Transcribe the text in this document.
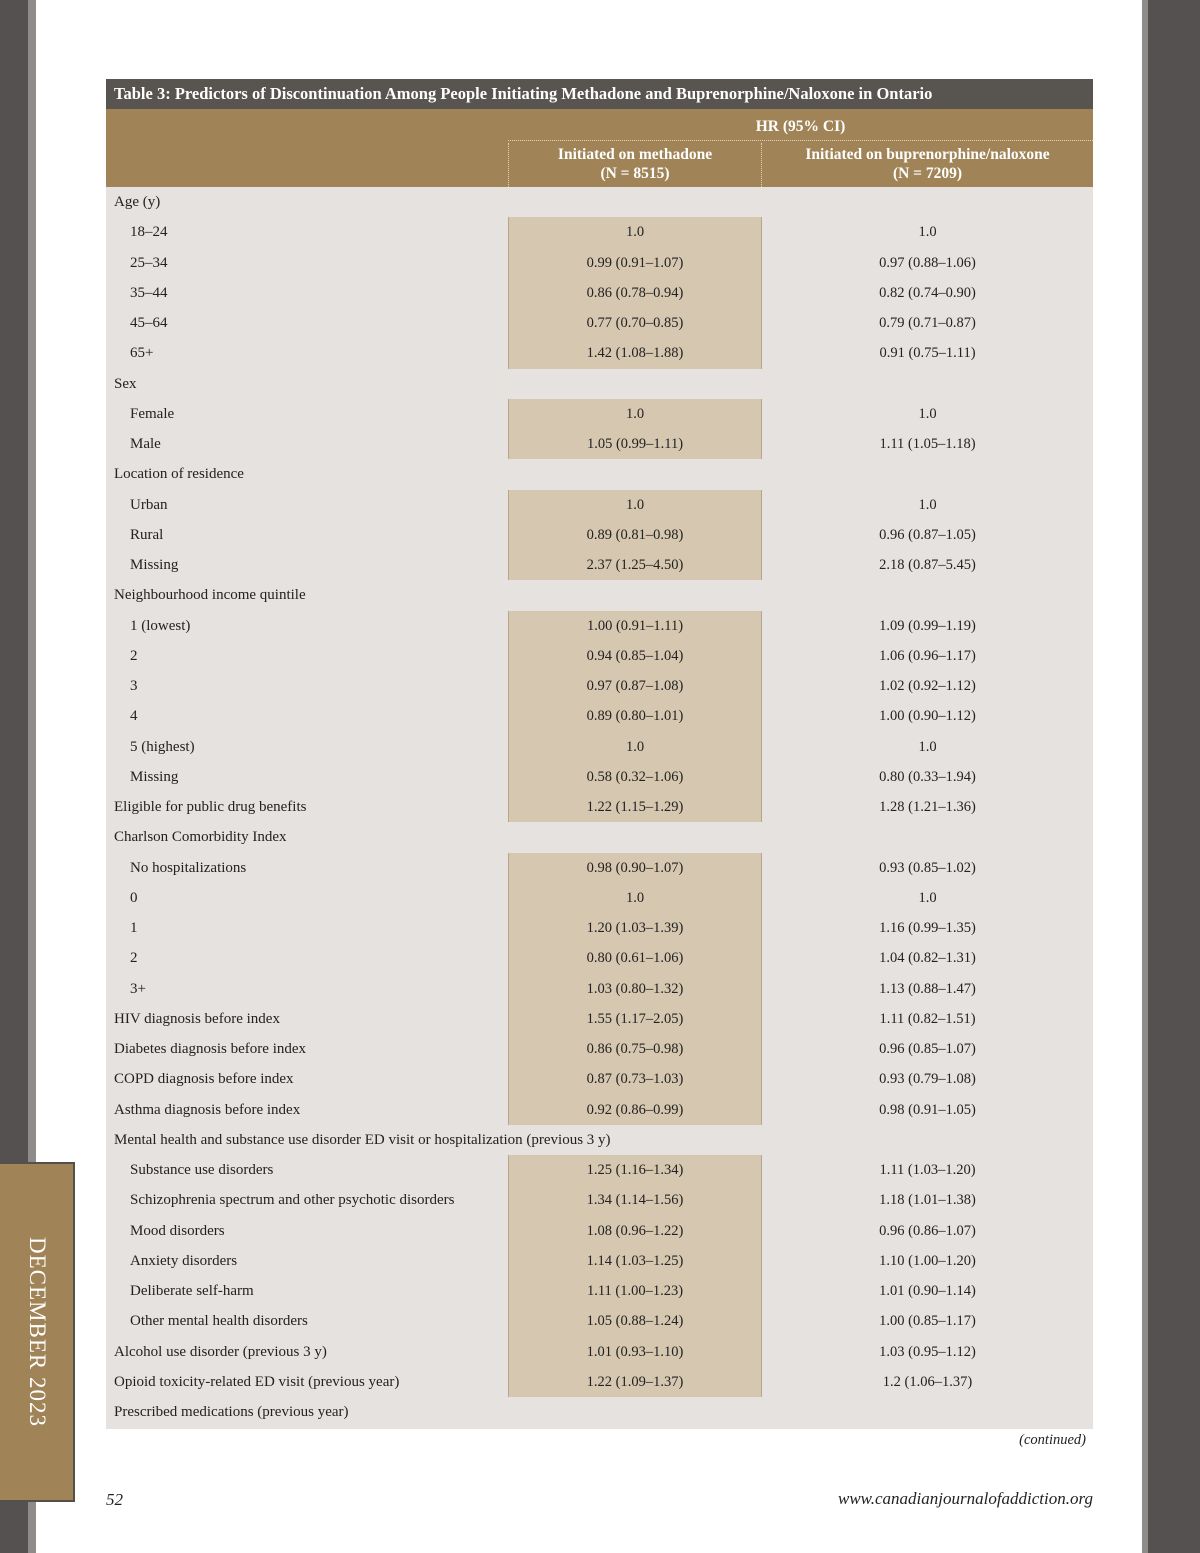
DECEMBER 2023
Table 3: Predictors of Discontinuation Among People Initiating Methadone and Buprenorphine/Naloxone in Ontario
HR (95% CI)
Initiated on methadone
(N = 8515)
Initiated on buprenorphine/naloxone
(N = 7209)
Age (y)
18–24	1.0	1.0
25–34	0.99 (0.91–1.07)	0.97 (0.88–1.06)
35–44	0.86 (0.78–0.94)	0.82 (0.74–0.90)
45–64	0.77 (0.70–0.85)	0.79 (0.71–0.87)
65+	1.42 (1.08–1.88)	0.91 (0.75–1.11)
Sex
Female	1.0	1.0
Male	1.05 (0.99–1.11)	1.11 (1.05–1.18)
Location of residence
Urban	1.0	1.0
Rural	0.89 (0.81–0.98)	0.96 (0.87–1.05)
Missing	2.37 (1.25–4.50)	2.18 (0.87–5.45)
Neighbourhood income quintile
1 (lowest)	1.00 (0.91–1.11)	1.09 (0.99–1.19)
2	0.94 (0.85–1.04)	1.06 (0.96–1.17)
3	0.97 (0.87–1.08)	1.02 (0.92–1.12)
4	0.89 (0.80–1.01)	1.00 (0.90–1.12)
5 (highest)	1.0	1.0
Missing	0.58 (0.32–1.06)	0.80 (0.33–1.94)
Eligible for public drug benefits	1.22 (1.15–1.29)	1.28 (1.21–1.36)
Charlson Comorbidity Index
No hospitalizations	0.98 (0.90–1.07)	0.93 (0.85–1.02)
0	1.0	1.0
1	1.20 (1.03–1.39)	1.16 (0.99–1.35)
2	0.80 (0.61–1.06)	1.04 (0.82–1.31)
3+	1.03 (0.80–1.32)	1.13 (0.88–1.47)
HIV diagnosis before index	1.55 (1.17–2.05)	1.11 (0.82–1.51)
Diabetes diagnosis before index	0.86 (0.75–0.98)	0.96 (0.85–1.07)
COPD diagnosis before index	0.87 (0.73–1.03)	0.93 (0.79–1.08)
Asthma diagnosis before index	0.92 (0.86–0.99)	0.98 (0.91–1.05)
Mental health and substance use disorder ED visit or hospitalization (previous 3 y)
Substance use disorders	1.25 (1.16–1.34)	1.11 (1.03–1.20)
Schizophrenia spectrum and other psychotic disorders	1.34 (1.14–1.56)	1.18 (1.01–1.38)
Mood disorders	1.08 (0.96–1.22)	0.96 (0.86–1.07)
Anxiety disorders	1.14 (1.03–1.25)	1.10 (1.00–1.20)
Deliberate self-harm	1.11 (1.00–1.23)	1.01 (0.90–1.14)
Other mental health disorders	1.05 (0.88–1.24)	1.00 (0.85–1.17)
Alcohol use disorder (previous 3 y)	1.01 (0.93–1.10)	1.03 (0.95–1.12)
Opioid toxicity-related ED visit (previous year)	1.22 (1.09–1.37)	1.2 (1.06–1.37)
Prescribed medications (previous year)
(continued)
52	www.canadianjournalofaddiction.org
